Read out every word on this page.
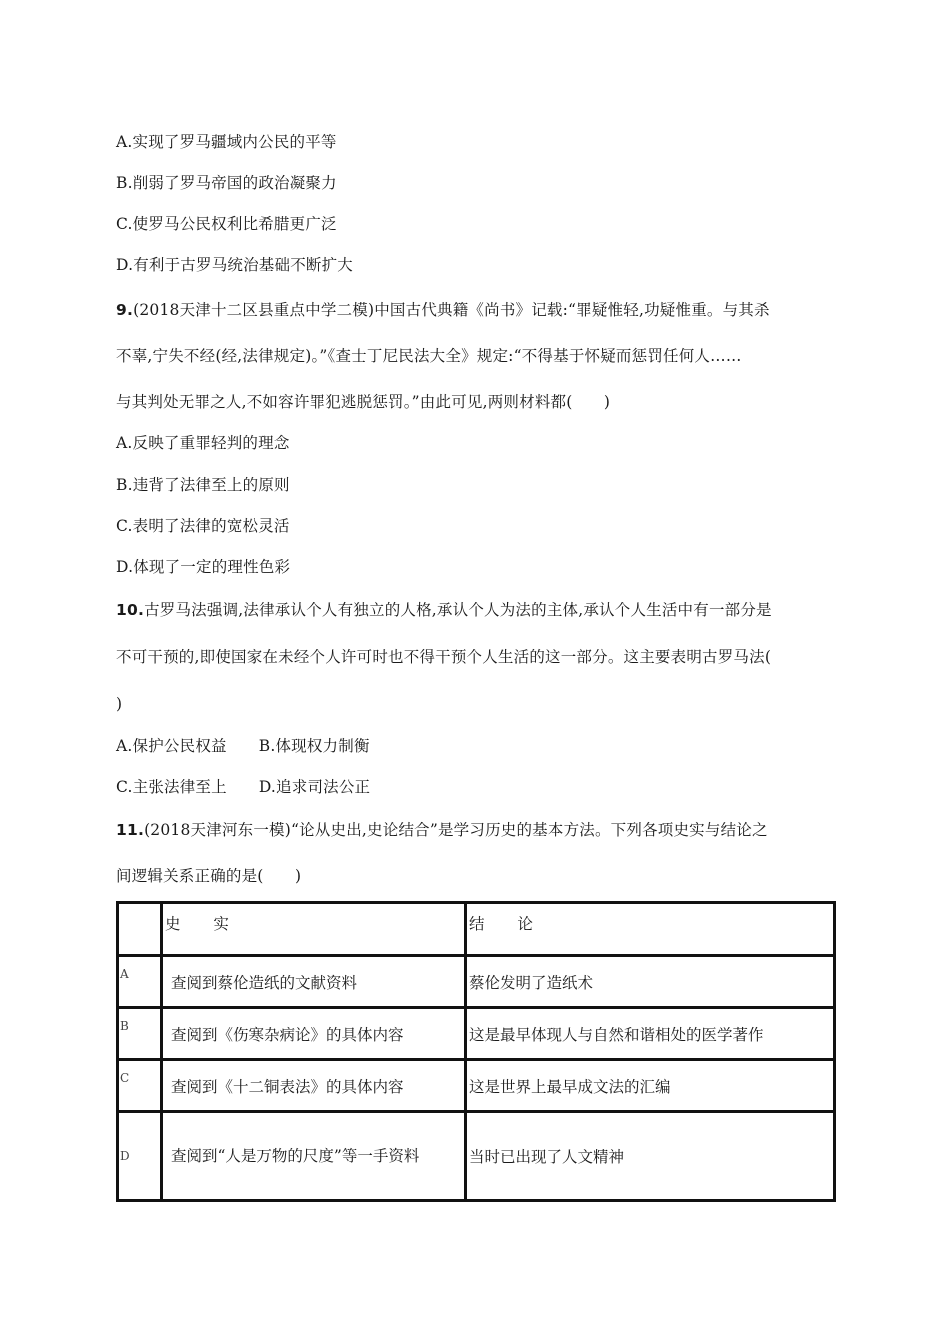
A.实现了罗马疆域内公民的平等
B.削弱了罗马帝国的政治凝聚力
C.使罗马公民权利比希腊更广泛
D.有利于古罗马统治基础不断扩大
9.(2018天津十二区县重点中学二模)中国古代典籍《尚书》记载:“罪疑惟轻,功疑惟重。与其杀
不辜,宁失不经(经,法律规定)。”《查士丁尼民法大全》规定:“不得基于怀疑而惩罚任何人……
与其判处无罪之人,不如容许罪犯逃脱惩罚。”由此可见,两则材料都(　　)
A.反映了重罪轻判的理念
B.违背了法律至上的原则
C.表明了法律的宽松灵活
D.体现了一定的理性色彩
10.古罗马法强调,法律承认个人有独立的人格,承认个人为法的主体,承认个人生活中有一部分是
不可干预的,即使国家在未经个人许可时也不得干预个人生活的这一部分。这主要表明古罗马法(
)
A.保护公民权益 B.体现权力制衡
C.主张法律至上 D.追求司法公正
11.(2018天津河东一模)“论从史出,史论结合”是学习历史的基本方法。下列各项史实与结论之
间逻辑关系正确的是(　　)
	史 实	结 论
A	查阅到蔡伦造纸的文献资料	蔡伦发明了造纸术
B	查阅到《伤寒杂病论》的具体内容	这是最早体现人与自然和谐相处的医学著作
C	查阅到《十二铜表法》的具体内容	这是世界上最早成文法的汇编
D	查阅到“人是万物的尺度”等一手资料	当时已出现了人文精神
